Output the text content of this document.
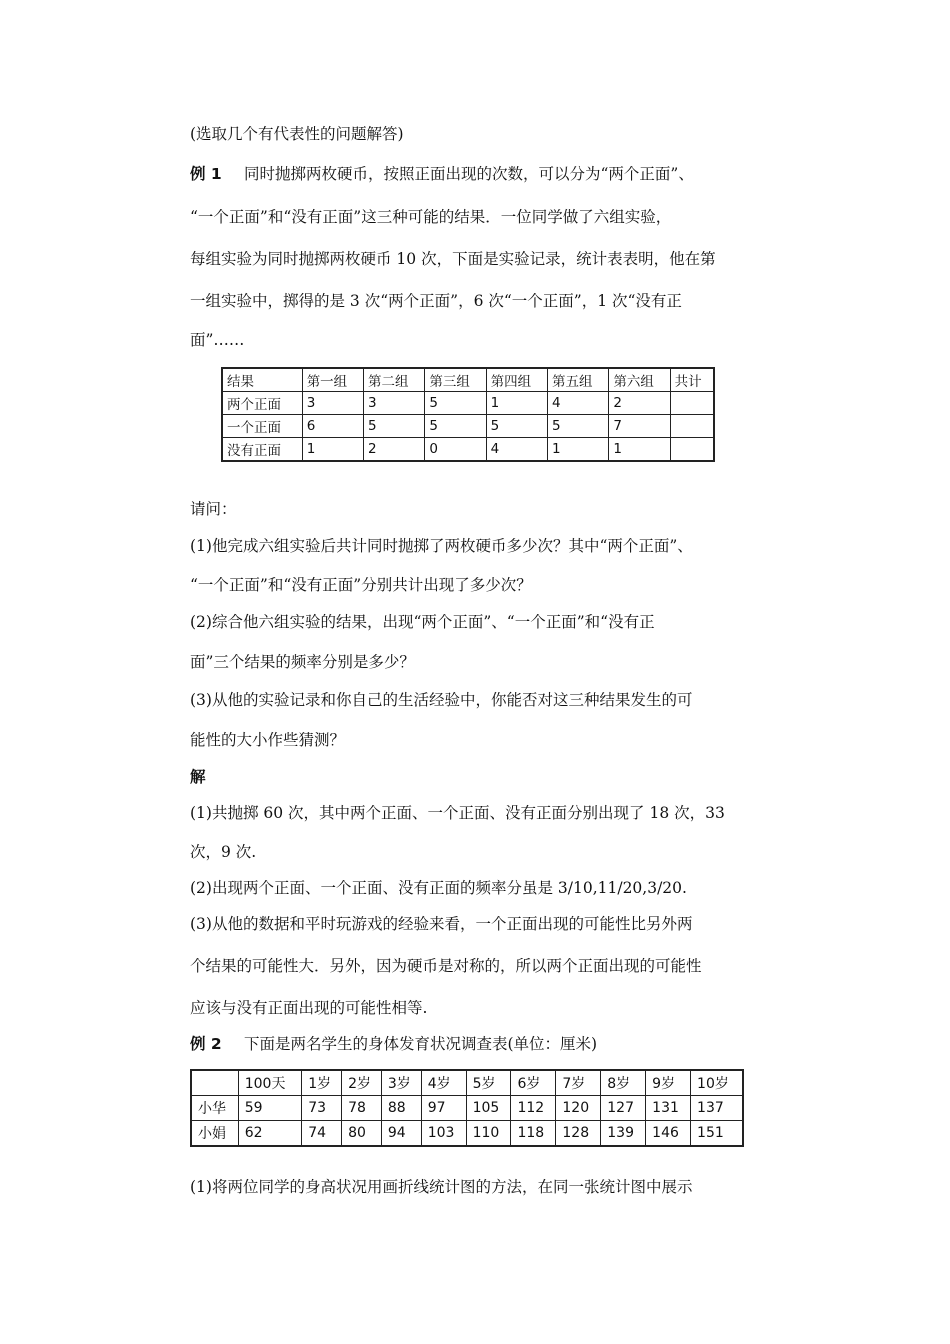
(选取几个有代表性的问题解答)
例 1 同时抛掷两枚硬币，按照正面出现的次数，可以分为“两个正面”、
“一个正面”和“没有正面”这三种可能的结果．一位同学做了六组实验，
每组实验为同时抛掷两枚硬币 10 次，下面是实验记录，统计表表明，他在第
一组实验中，掷得的是 3 次“两个正面”，6 次“一个正面”，1 次“没有正
面”……
结果	第一组	第二组	第三组	第四组	第五组	第六组	共计
两个正面	3	3	5	1	4	2	
一个正面	6	5	5	5	5	7	
没有正面	1	2	0	4	1	1	
请问：
(1)他完成六组实验后共计同时抛掷了两枚硬币多少次？其中“两个正面”、
“一个正面”和“没有正面”分别共计出现了多少次？
(2)综合他六组实验的结果，出现“两个正面”、“一个正面”和“没有正
面”三个结果的频率分别是多少？
(3)从他的实验记录和你自己的生活经验中，你能否对这三种结果发生的可
能性的大小作些猜测？
解
(1)共抛掷 60 次，其中两个正面、一个正面、没有正面分别出现了 18 次，33
次，9 次.
(2)出现两个正面、一个正面、没有正面的频率分虽是 3/10,11/20,3/20.
(3)从他的数据和平时玩游戏的经验来看，一个正面出现的可能性比另外两
个结果的可能性大．另外，因为硬币是对称的，所以两个正面出现的可能性
应该与没有正面出现的可能性相等.
例 2 下面是两名学生的身体发育状况调查表(单位：厘米)
	100天	1岁	2岁	3岁	4岁	5岁	6岁	7岁	8岁	9岁	10岁
小华	59	73	78	88	97	105	112	120	127	131	137
小娟	62	74	80	94	103	110	118	128	139	146	151
(1)将两位同学的身高状况用画折线统计图的方法，在同一张统计图中展示
